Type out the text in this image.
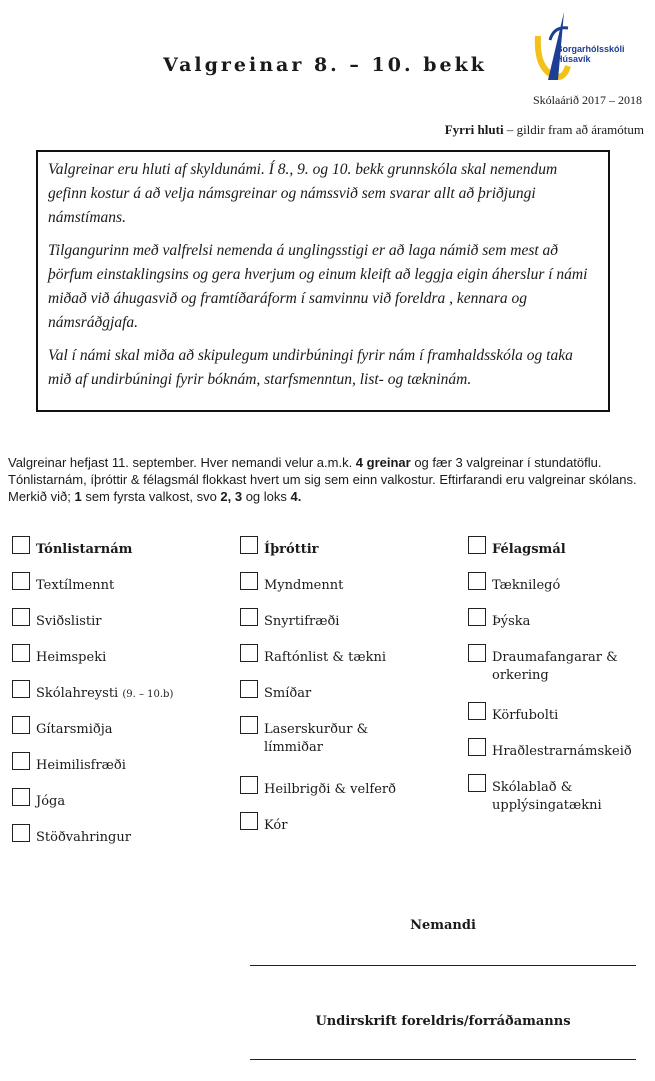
Valgreinar 8. – 10. bekk
Borgarhólsskóli
Húsavík
Skólaárið 2017 – 2018
Fyrri hluti – gildir fram að áramótum

Valgreinar eru hluti af skyldunámi. Í 8., 9. og 10. bekk grunnskóla skal nemendum gefinn kostur á að velja námsgreinar og námssvið sem svarar allt að þriðjungi námstímans.

Tilgangurinn með valfrelsi nemenda á unglingsstigi er að laga námið sem mest að þörfum einstaklingsins og gera hverjum og einum kleift að leggja eigin áherslur í námi miðað við áhugasvið og framtíðaráform í samvinnu við foreldra , kennara og námsráðgjafa.

Val í námi skal miða að skipulegum undirbúningi fyrir nám í framhaldsskóla og taka mið af undirbúningi fyrir bóknám, starfsmenntun, list- og tækninám.

Valgreinar hefjast 11. september. Hver nemandi velur a.m.k. 4 greinar og fær 3 valgreinar í stundatöflu. Tónlistarnám, íþróttir & félagsmál flokkast hvert um sig sem einn valkostur. Eftirfarandi eru valgreinar skólans. Merkið við; 1 sem fyrsta valkost, svo 2, 3 og loks 4.
Tónlistarnám
Textílmennt
Sviðslistir
Heimspeki
Skólahreysti (9. – 10.b)
Gítarsmiðja
Heimilisfræði
Jóga
Stöðvahringur
Íþróttir
Myndmennt
Snyrtifræði
Raftónlist & tækni
Smíðar
Laserskurður & límmiðar
Heilbrigði & velferð
Kór
Félagsmál
Tæknilegó
Þýska
Draumafangarar & orkering
Körfubolti
Hraðlestrarnámskeið
Skólablað & upplýsingatækni
Nemandi
Undirskrift foreldris/forráðamanns
